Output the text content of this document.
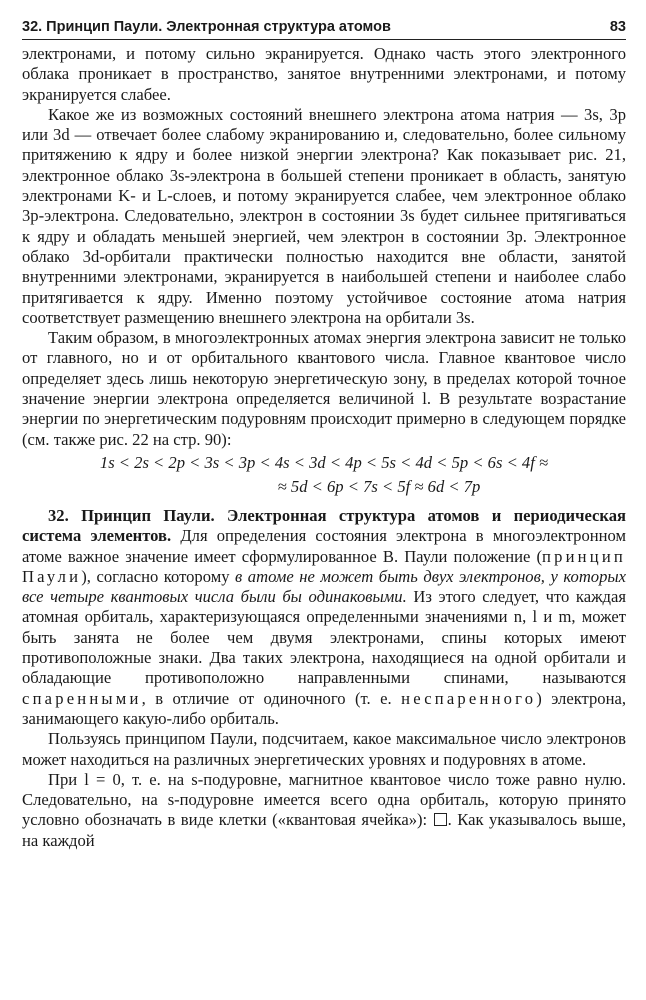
32. Принцип Паули. Электронная структура атомов	83

электронами, и потому сильно экранируется. Однако часть этого электронного облака проникает в пространство, занятое внутренними электронами, и потому экранируется слабее.

Какое же из возможных состояний внешнего электрона атома натрия — 3s, 3p или 3d — отвечает более слабому экранированию и, следовательно, более сильному притяжению к ядру и более низкой энергии электрона? Как показывает рис. 21, электронное облако 3s-электрона в большей степени проникает в область, занятую электронами K- и L-слоев, и потому экранируется слабее, чем электронное облако 3p-электрона. Следовательно, электрон в состоянии 3s будет сильнее притягиваться к ядру и обладать меньшей энергией, чем электрон в состоянии 3p. Электронное облако 3d-орбитали практически полностью находится вне области, занятой внутренними электронами, экранируется в наибольшей степени и наиболее слабо притягивается к ядру. Именно поэтому устойчивое состояние атома натрия соответствует размещению внешнего электрона на орбитали 3s.

Таким образом, в многоэлектронных атомах энергия электрона зависит не только от главного, но и от орбитального квантового числа. Главное квантовое число определяет здесь лишь некоторую энергетическую зону, в пределах которой точное значение энергии электрона определяется величиной l. В результате возрастание энергии по энергетическим подуровням происходит примерно в следующем порядке (см. также рис. 22 на стр. 90):

1s < 2s < 2p < 3s < 3p < 4s < 3d < 4p < 5s < 4d < 5p < 6s < 4f ≈
≈ 5d < 6p < 7s < 5f ≈ 6d < 7p

32. Принцип Паули. Электронная структура атомов и периодическая система элементов. Для определения состояния электрона в многоэлектронном атоме важное значение имеет сформулированное В. Паули положение (принцип Паули), согласно которому в атоме не может быть двух электронов, у которых все четыре квантовых числа были бы одинаковыми. Из этого следует, что каждая атомная орбиталь, характеризующаяся определенными значениями n, l и m, может быть занята не более чем двумя электронами, спины которых имеют противоположные знаки. Два таких электрона, находящиеся на одной орбитали и обладающие противоположно направленными спинами, называются спаренными, в отличие от одиночного (т. е. неспаренного) электрона, занимающего какую-либо орбиталь.

Пользуясь принципом Паули, подсчитаем, какое максимальное число электронов может находиться на различных энергетических уровнях и подуровнях в атоме.

При l = 0, т. е. на s-подуровне, магнитное квантовое число тоже равно нулю. Следовательно, на s-подуровне имеется всего одна орбиталь, которую принято условно обозначать в виде клетки («квантовая ячейка»): . Как указывалось выше, на каждой
